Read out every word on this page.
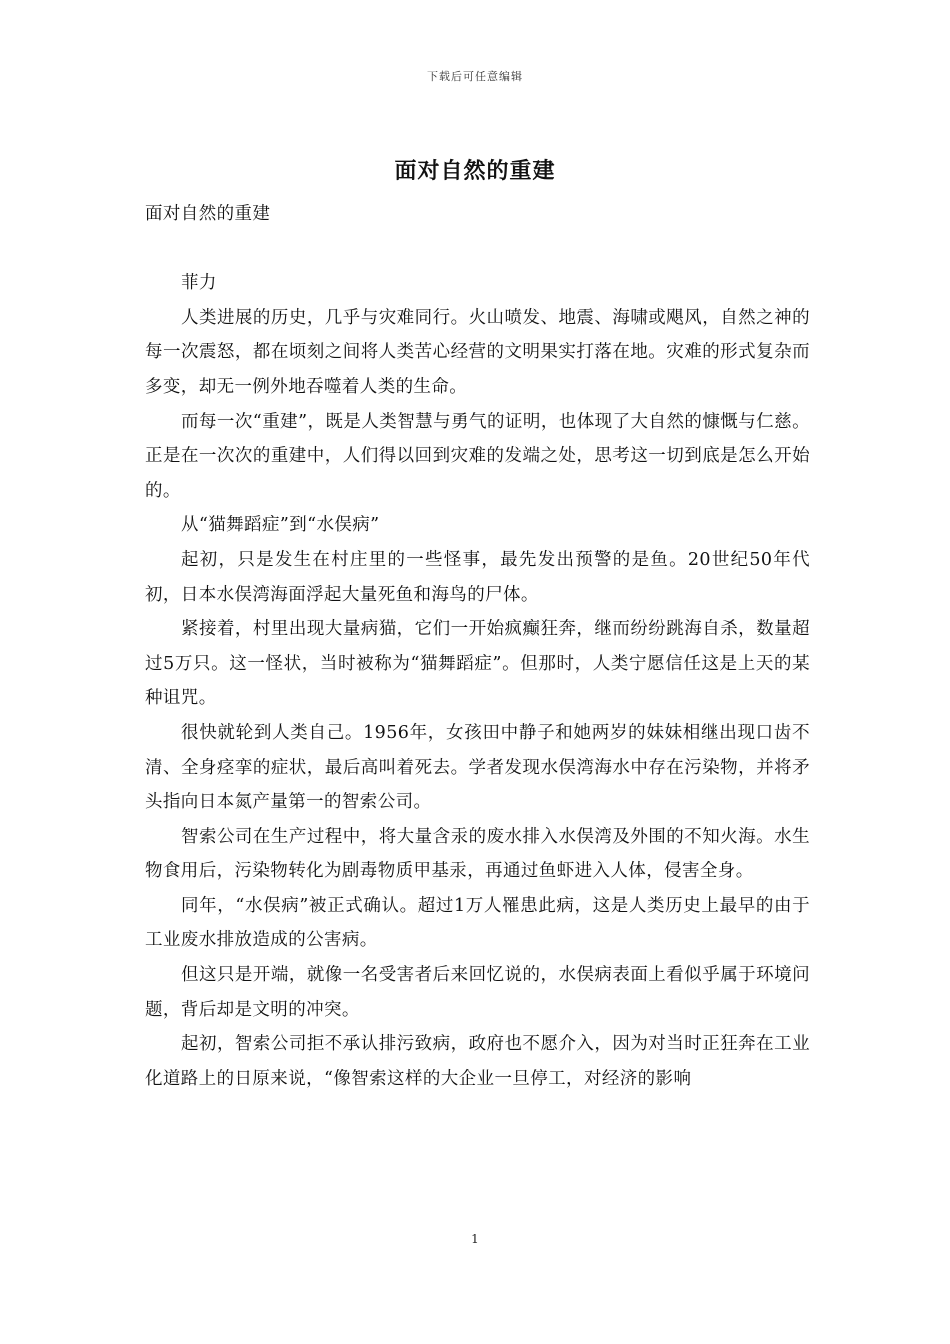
下载后可任意编辑
面对自然的重建

面对自然的重建

菲力

人类进展的历史，几乎与灾难同行。火山喷发、地震、海啸或飓风，自然之神的每一次震怒，都在顷刻之间将人类苦心经营的文明果实打落在地。灾难的形式复杂而多变，却无一例外地吞噬着人类的生命。

而每一次“重建”，既是人类智慧与勇气的证明，也体现了大自然的慷慨与仁慈。正是在一次次的重建中，人们得以回到灾难的发端之处，思考这一切到底是怎么开始的。

从“猫舞蹈症”到“水俣病”

起初，只是发生在村庄里的一些怪事，最先发出预警的是鱼。20世纪50年代初，日本水俣湾海面浮起大量死鱼和海鸟的尸体。

紧接着，村里出现大量病猫，它们一开始疯癫狂奔，继而纷纷跳海自杀，数量超过5万只。这一怪状，当时被称为“猫舞蹈症”。但那时，人类宁愿信任这是上天的某种诅咒。

很快就轮到人类自己。1956年，女孩田中静子和她两岁的妹妹相继出现口齿不清、全身痉挛的症状，最后高叫着死去。学者发现水俣湾海水中存在污染物，并将矛头指向日本氮产量第一的智索公司。

智索公司在生产过程中，将大量含汞的废水排入水俣湾及外围的不知火海。水生物食用后，污染物转化为剧毒物质甲基汞，再通过鱼虾进入人体，侵害全身。

同年，“水俣病”被正式确认。超过1万人罹患此病，这是人类历史上最早的由于工业废水排放造成的公害病。

但这只是开端，就像一名受害者后来回忆说的，水俣病表面上看似乎属于环境问题，背后却是文明的冲突。

起初，智索公司拒不承认排污致病，政府也不愿介入，因为对当时正狂奔在工业化道路上的日原来说，“像智索这样的大企业一旦停工，对经济的影响

1
